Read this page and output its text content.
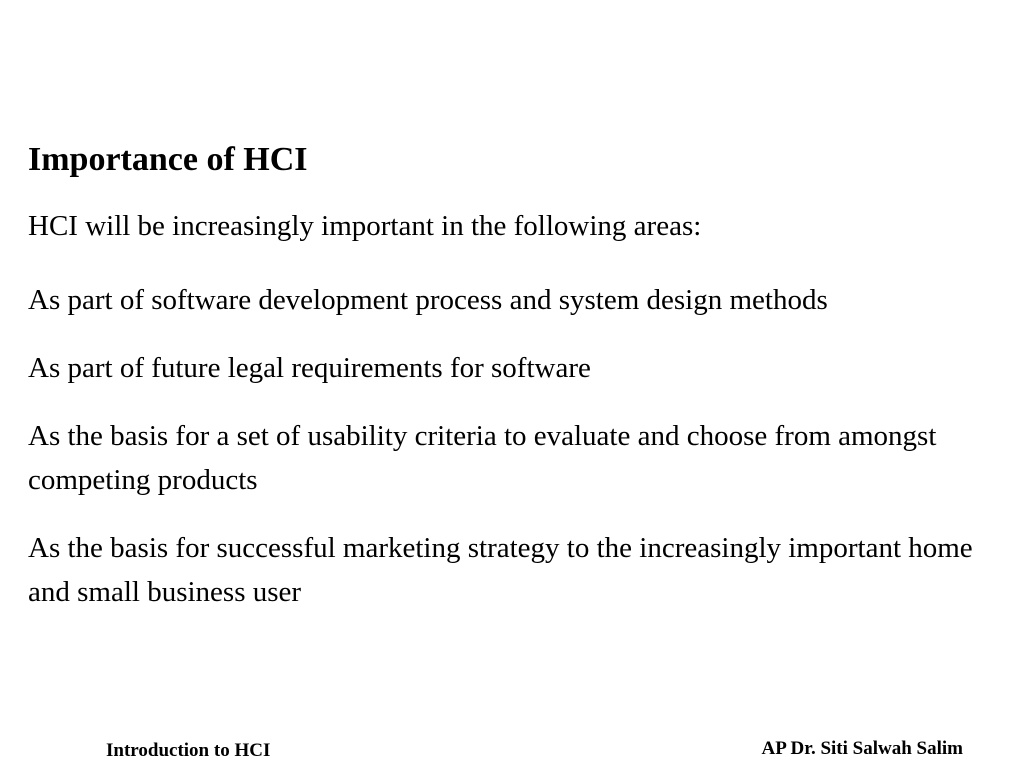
Importance of HCI
HCI will be increasingly important in the following areas:

As part of software development process and system design methods

As part of future legal requirements for software

As the basis for a set of usability criteria to evaluate and choose from amongst competing products

As the basis for successful marketing strategy to the increasingly important home and small business user

Introduction to HCI	AP Dr. Siti Salwah Salim
